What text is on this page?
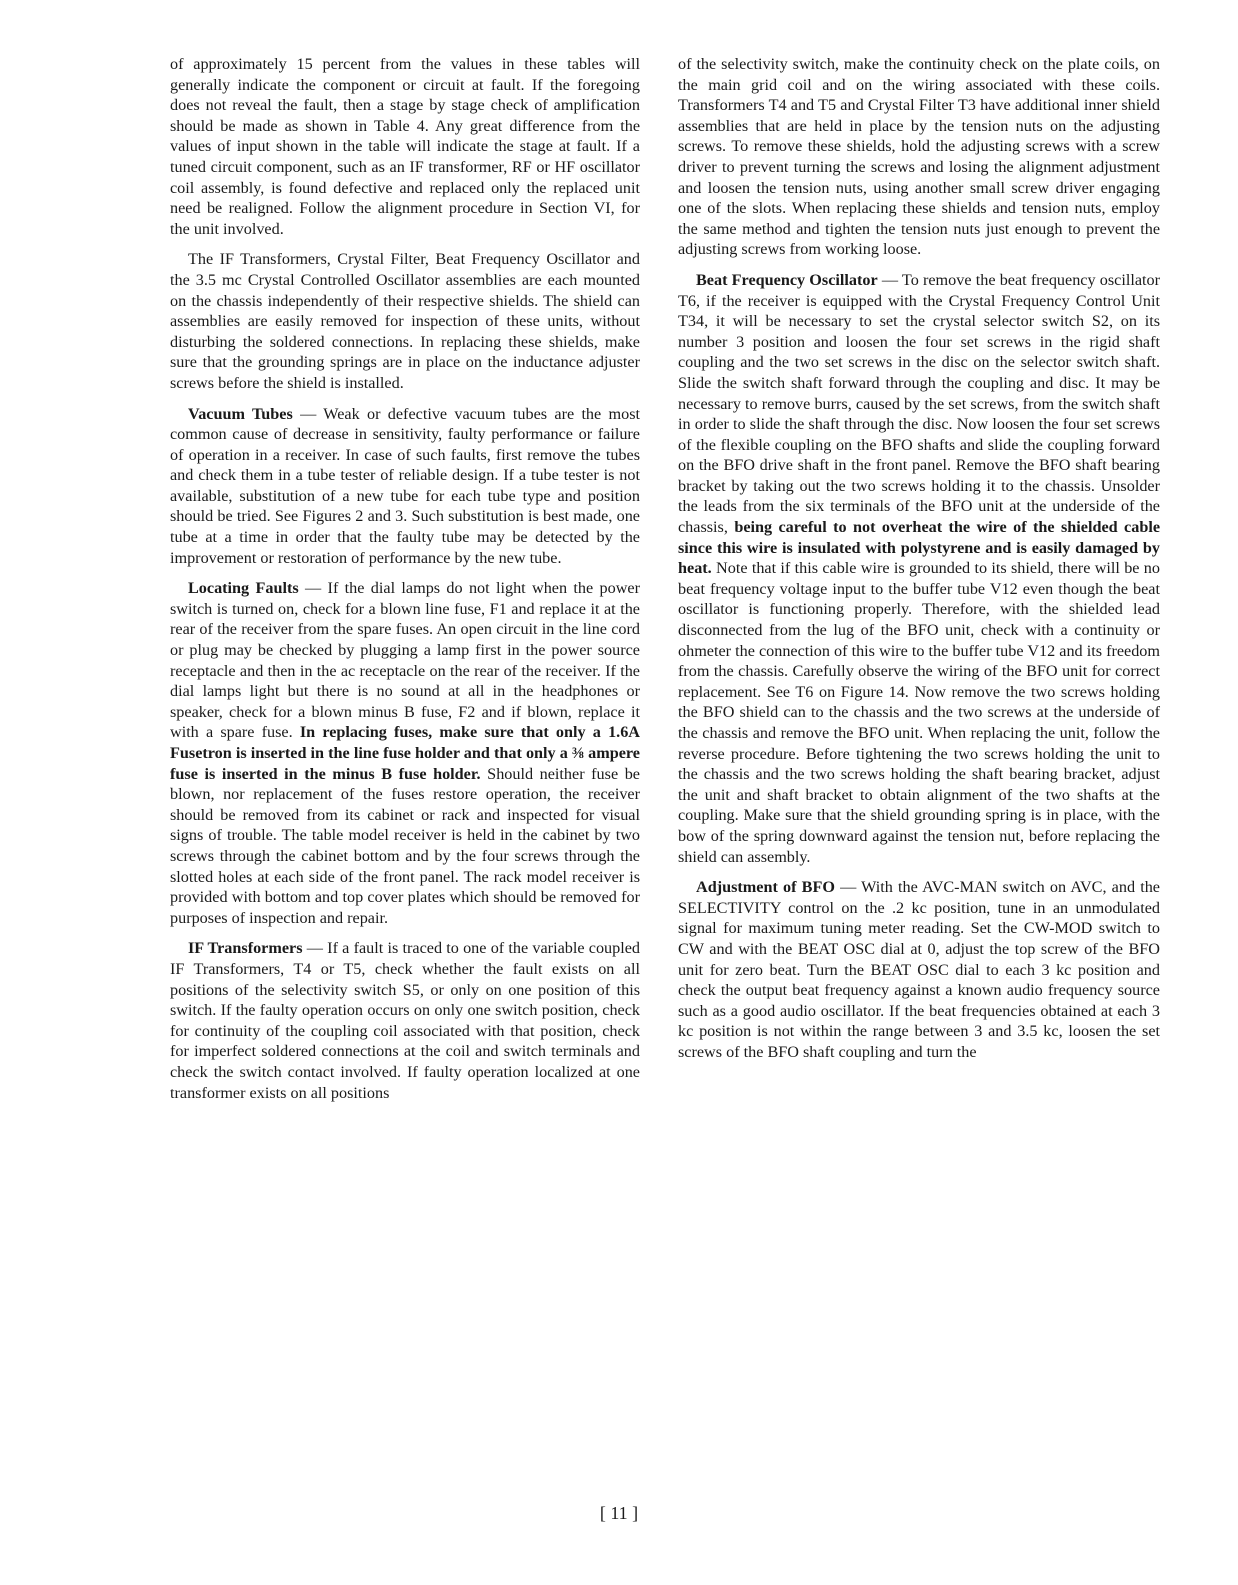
of approximately 15 percent from the values in these tables will generally indicate the component or circuit at fault. If the foregoing does not reveal the fault, then a stage by stage check of amplification should be made as shown in Table 4. Any great difference from the values of input shown in the table will indicate the stage at fault. If a tuned circuit component, such as an IF transformer, RF or HF oscillator coil assembly, is found defective and replaced only the replaced unit need be realigned. Follow the alignment procedure in Section VI, for the unit involved.

The IF Transformers, Crystal Filter, Beat Frequency Oscillator and the 3.5 mc Crystal Controlled Oscillator assemblies are each mounted on the chassis independently of their respective shields. The shield can assemblies are easily removed for inspection of these units, without disturbing the soldered connections. In replacing these shields, make sure that the grounding springs are in place on the inductance adjuster screws before the shield is installed.

Vacuum Tubes — Weak or defective vacuum tubes are the most common cause of decrease in sensitivity, faulty performance or failure of operation in a receiver. In case of such faults, first remove the tubes and check them in a tube tester of reliable design. If a tube tester is not available, substitution of a new tube for each tube type and position should be tried. See Figures 2 and 3. Such substitution is best made, one tube at a time in order that the faulty tube may be detected by the improvement or restoration of performance by the new tube.

Locating Faults — If the dial lamps do not light when the power switch is turned on, check for a blown line fuse, F1 and replace it at the rear of the receiver from the spare fuses. An open circuit in the line cord or plug may be checked by plugging a lamp first in the power source receptacle and then in the ac receptacle on the rear of the receiver. If the dial lamps light but there is no sound at all in the headphones or speaker, check for a blown minus B fuse, F2 and if blown, replace it with a spare fuse. In replacing fuses, make sure that only a 1.6A Fusetron is inserted in the line fuse holder and that only a ⅜ ampere fuse is inserted in the minus B fuse holder. Should neither fuse be blown, nor replacement of the fuses restore operation, the receiver should be removed from its cabinet or rack and inspected for visual signs of trouble. The table model receiver is held in the cabinet by two screws through the cabinet bottom and by the four screws through the slotted holes at each side of the front panel. The rack model receiver is provided with bottom and top cover plates which should be removed for purposes of inspection and repair.

IF Transformers — If a fault is traced to one of the variable coupled IF Transformers, T4 or T5, check whether the fault exists on all positions of the selectivity switch S5, or only on one position of this switch. If the faulty operation occurs on only one switch position, check for continuity of the coupling coil associated with that position, check for imperfect soldered connections at the coil and switch terminals and check the switch contact involved. If faulty operation localized at one transformer exists on all positions

of the selectivity switch, make the continuity check on the plate coils, on the main grid coil and on the wiring associated with these coils. Transformers T4 and T5 and Crystal Filter T3 have additional inner shield assemblies that are held in place by the tension nuts on the adjusting screws. To remove these shields, hold the adjusting screws with a screw driver to prevent turning the screws and losing the alignment adjustment and loosen the tension nuts, using another small screw driver engaging one of the slots. When replacing these shields and tension nuts, employ the same method and tighten the tension nuts just enough to prevent the adjusting screws from working loose.

Beat Frequency Oscillator — To remove the beat frequency oscillator T6, if the receiver is equipped with the Crystal Frequency Control Unit T34, it will be necessary to set the crystal selector switch S2, on its number 3 position and loosen the four set screws in the rigid shaft coupling and the two set screws in the disc on the selector switch shaft. Slide the switch shaft forward through the coupling and disc. It may be necessary to remove burrs, caused by the set screws, from the switch shaft in order to slide the shaft through the disc. Now loosen the four set screws of the flexible coupling on the BFO shafts and slide the coupling forward on the BFO drive shaft in the front panel. Remove the BFO shaft bearing bracket by taking out the two screws holding it to the chassis. Unsolder the leads from the six terminals of the BFO unit at the underside of the chassis, being careful to not overheat the wire of the shielded cable since this wire is insulated with polystyrene and is easily damaged by heat. Note that if this cable wire is grounded to its shield, there will be no beat frequency voltage input to the buffer tube V12 even though the beat oscillator is functioning properly. Therefore, with the shielded lead disconnected from the lug of the BFO unit, check with a continuity or ohmeter the connection of this wire to the buffer tube V12 and its freedom from the chassis. Carefully observe the wiring of the BFO unit for correct replacement. See T6 on Figure 14. Now remove the two screws holding the BFO shield can to the chassis and the two screws at the underside of the chassis and remove the BFO unit. When replacing the unit, follow the reverse procedure. Before tightening the two screws holding the unit to the chassis and the two screws holding the shaft bearing bracket, adjust the unit and shaft bracket to obtain alignment of the two shafts at the coupling. Make sure that the shield grounding spring is in place, with the bow of the spring downward against the tension nut, before replacing the shield can assembly.

Adjustment of BFO — With the AVC-MAN switch on AVC, and the SELECTIVITY control on the .2 kc position, tune in an unmodulated signal for maximum tuning meter reading. Set the CW-MOD switch to CW and with the BEAT OSC dial at 0, adjust the top screw of the BFO unit for zero beat. Turn the BEAT OSC dial to each 3 kc position and check the output beat frequency against a known audio frequency source such as a good audio oscillator. If the beat frequencies obtained at each 3 kc position is not within the range between 3 and 3.5 kc, loosen the set screws of the BFO shaft coupling and turn the

[ 11 ]
